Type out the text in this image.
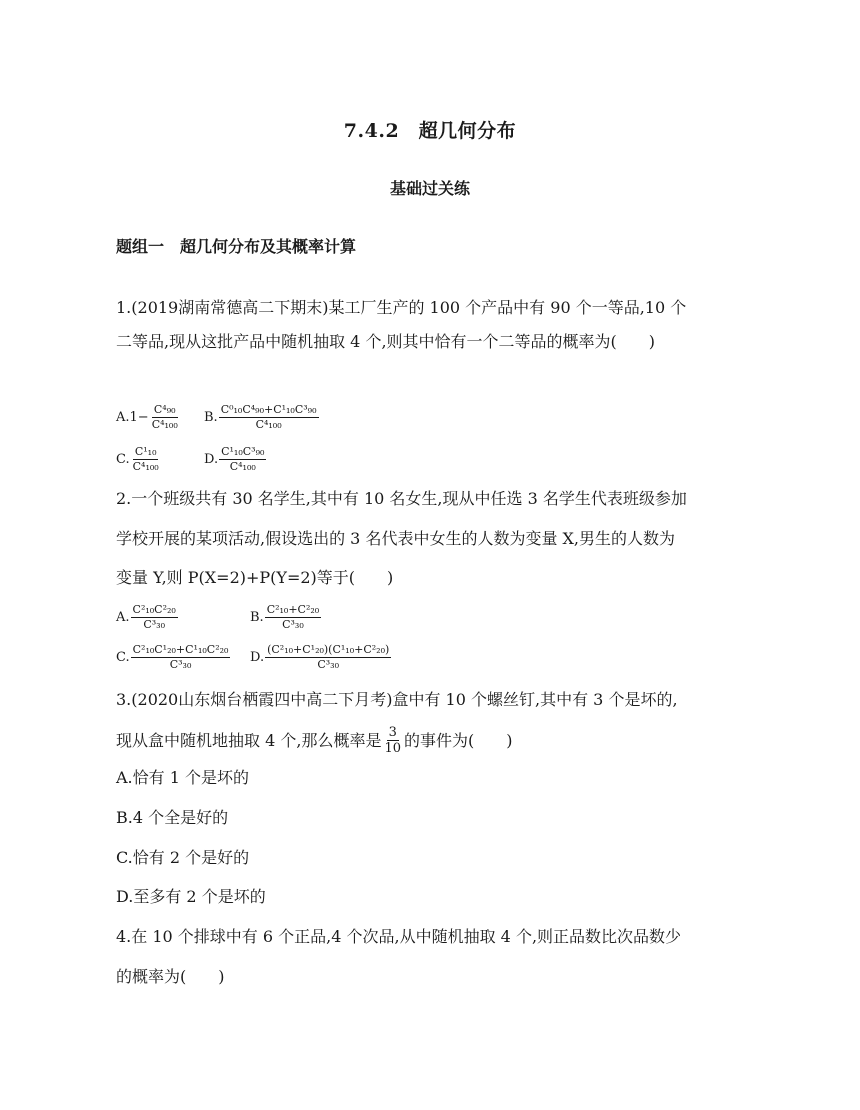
7.4.2　超几何分布
基础过关练
题组一　超几何分布及其概率计算
1.(2019湖南常德高二下期末)某工厂生产的 100 个产品中有 90 个一等品,10 个
二等品,现从这批产品中随机抽取 4 个,则其中恰有一个二等品的概率为(　　)
$A.1- \frac{\text{C⁴₉₀}}{\text{C⁴₁₀₀}} B$. $\frac{\text{C⁰₁₀C⁴₉₀+C¹₁₀C³₉₀}}{\text{C⁴₁₀₀}}$
C. $\frac{\text{C¹₁₀}}{\text{C⁴₁₀₀}}$	D. $\frac{\text{C¹₁₀C³₉₀}}{\text{C⁴₁₀₀}}$
2.一个班级共有 30 名学生,其中有 10 名女生,现从中任选 3 名学生代表班级参加
学校开展的某项活动,假设选出的 3 名代表中女生的人数为变量 X,男生的人数为
变量 Y,则 P(X=2)+P(Y=2)等于(　　)
A. $\frac{\text{C²₁₀C²₂₀}}{\text{C³₃₀}}$	B. $\frac{\text{C²₁₀+C²₂₀}}{\text{C³₃₀}}$
C. $\frac{\text{C²₁₀C¹₂₀+C¹₁₀C²₂₀}}{\text{C³₃₀}} D$. $\frac{\text{(C²₁₀+C¹₂₀)(C¹₁₀+C²₂₀)}}{\text{C³₃₀}}$
3.(2020山东烟台栖霞四中高二下月考)盒中有 10 个螺丝钉,其中有 3 个是坏的,
现从盒中随机地抽取 4 个,那么概率是 $\frac{3}{10}$ 的事件为(　　)
A.恰有 1 个是坏的
B.4 个全是好的
C.恰有 2 个是好的
D.至多有 2 个是坏的
4.在 10 个排球中有 6 个正品,4 个次品,从中随机抽取 4 个,则正品数比次品数少
的概率为(　　)
